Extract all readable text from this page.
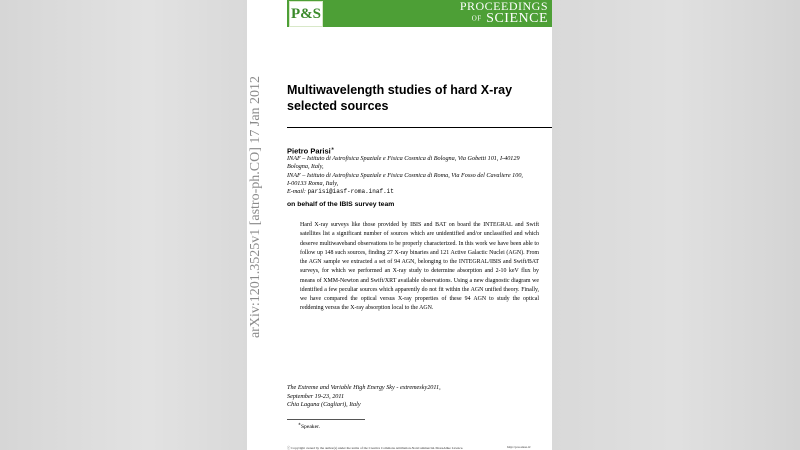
P&S	PROCEEDINGS
OF SCIENCE
arXiv:1201.3525v1 [astro-ph.CO] 17 Jan 2012 Multiwavelength studies of hard X-ray selected sources
Pietro Parisi∗
INAF – Istituto di Astrofisica Spaziale e Fisica Cosmica di Bologna, Via Gobetti 101, I-40129 Bologna, Italy,
INAF – Istituto di Astrofisica Spaziale e Fisica Cosmica di Roma, Via Fosso del Cavaliere 100, I-00133 Roma, Italy,
E-mail: parisi@iasf-roma.inaf.it
on behalf of the IBIS survey team
Hard X-ray surveys like those provided by IBIS and BAT on board the INTEGRAL and Swift satellites list a significant number of sources which are unidentified and/or unclassified and which deserve multiwaveband observations to be properly characterized. In this work we have been able to follow up 148 such sources, finding 27 X-ray binaries and 121 Active Galactic Nuclei (AGN). From the AGN sample we extracted a set of 94 AGN, belonging to the INTEGRAL/IBIS and Swift/BAT surveys, for which we performed an X-ray study to determine absorption and 2-10 keV flux by means of XMM-Newton and Swift/XRT available observations. Using a new diagnostic diagram we identified a few peculiar sources which apparently do not fit within the AGN unified theory. Finally, we have compared the optical versus X-ray properties of these 94 AGN to study the optical reddening versus the X-ray absorption local to the AGN.
The Extreme and Variable High Energy Sky - extremesky2011,
September 19-23, 2011
Chia Laguna (Cagliari), Italy
∗Speaker.
ⓒ Copyright owned by the author(s) under the terms of the Creative Commons Attribution-NonCommercial-ShareAlike Licence.	http://pos.sissa.it/
